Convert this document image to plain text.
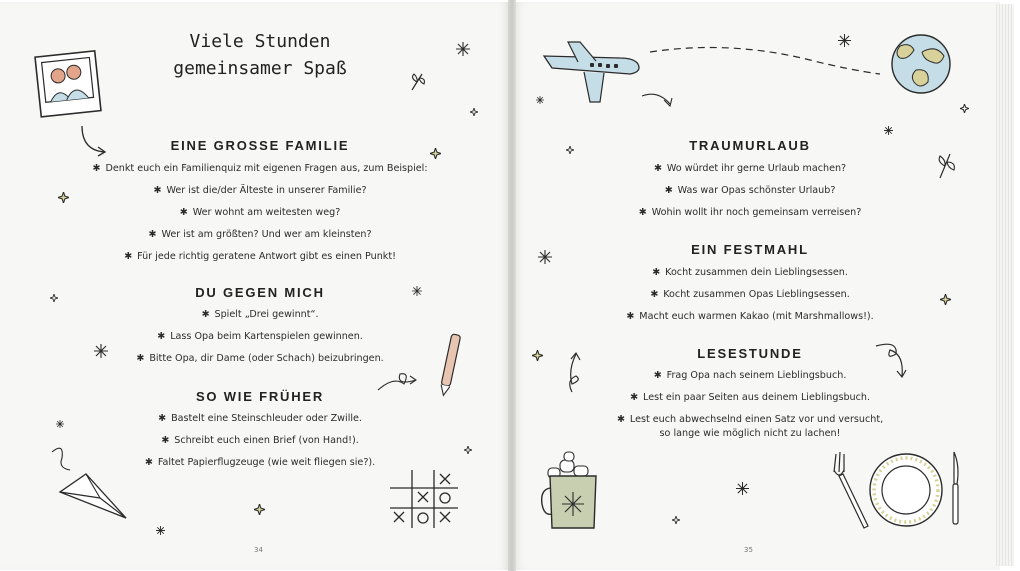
Viele Stunden
gemeinsamer Spaß
EINE GROSSE FAMILIE
✱ Denkt euch ein Familienquiz mit eigenen Fragen aus, zum Beispiel:
✱ Wer ist die/der Älteste in unserer Familie?
✱ Wer wohnt am weitesten weg?
✱ Wer ist am größten? Und wer am kleinsten?
✱ Für jede richtig geratene Antwort gibt es einen Punkt!
DU GEGEN MICH
✱ Spielt „Drei gewinnt“.
✱ Lass Opa beim Kartenspielen gewinnen.
✱ Bitte Opa, dir Dame (oder Schach) beizubringen.
SO WIE FRÜHER
✱ Bastelt eine Steinschleuder oder Zwille.
✱ Schreibt euch einen Brief (von Hand!).
✱ Faltet Papierflugzeuge (wie weit fliegen sie?).
34
TRAUMURLAUB
✱ Wo würdet ihr gerne Urlaub machen?
✱ Was war Opas schönster Urlaub?
✱ Wohin wollt ihr noch gemeinsam verreisen?
EIN FESTMAHL
✱ Kocht zusammen dein Lieblingsessen.
✱ Kocht zusammen Opas Lieblingsessen.
✱ Macht euch warmen Kakao (mit Marshmallows!).
LESESTUNDE
✱ Frag Opa nach seinem Lieblingsbuch.
✱ Lest ein paar Seiten aus deinem Lieblingsbuch.
✱ Lest euch abwechselnd einen Satz vor und versucht,
so lange wie möglich nicht zu lachen!
35
